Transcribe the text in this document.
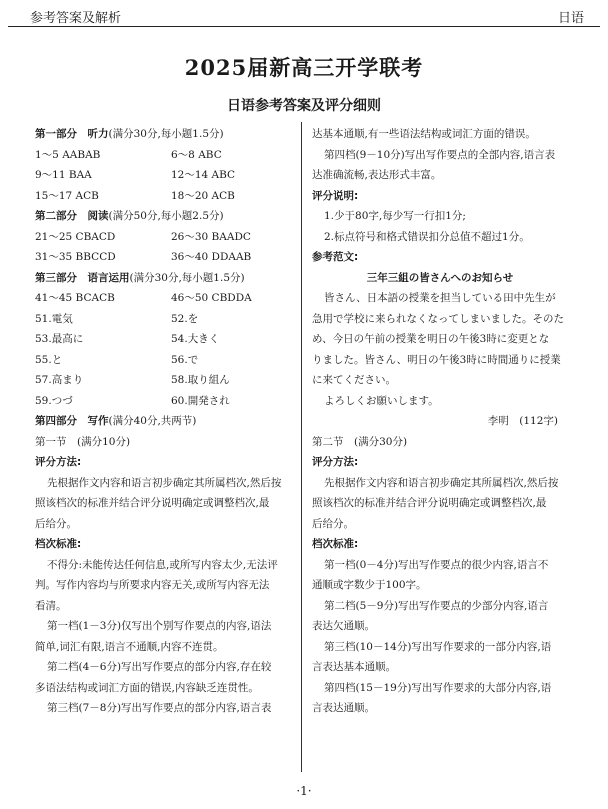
参考答案及解析	日语
2025届新高三开学联考
日语参考答案及评分细则
第一部分　听力(满分30分,每小题1.5分)
1～5 AABAB	6～8 ABC
9～11 BAA	12～14 ABC
15～17 ACB	18～20 ACB
第二部分　阅读(满分50分,每小题2.5分)
21～25 CBACD	26～30 BAADC
31～35 BBCCD	36～40 DDAAB
第三部分　语言运用(满分30分,每小题1.5分)
41～45 BCACB	46～50 CBDDA
51.電気	52.を
53.最高に	54.大きく
55.と	56.で
57.高まり	58.取り組ん
59.つづ	60.開発され
第四部分　写作(满分40分,共两节)
第一节　(满分10分)
评分方法:
先根据作文内容和语言初步确定其所属档次,然后按
照该档次的标准并结合评分说明确定或调整档次,最
后给分。
档次标准:
不得分:未能传达任何信息,或所写内容太少,无法评
判。写作内容均与所要求内容无关,或所写内容无法
看清。
第一档(1－3分)仅写出个别写作要点的内容,语法
简单,词汇有限,语言不通顺,内容不连贯。
第二档(4－6分)写出写作要点的部分内容,存在较
多语法结构或词汇方面的错误,内容缺乏连贯性。
第三档(7－8分)写出写作要点的部分内容,语言表
达基本通顺,有一些语法结构或词汇方面的错误。
第四档(9－10分)写出写作要点的全部内容,语言表
达准确流畅,表达形式丰富。
评分说明:
1.少于80字,每少写一行扣1分;
2.标点符号和格式错误扣分总值不超过1分。
参考范文:
三年三組の皆さんへのお知らせ
皆さん、日本語の授業を担当している田中先生が
急用で学校に来られなくなってしまいました。そのた
め、今日の午前の授業を明日の午後3時に変更とな
りました。皆さん、明日の午後3時に時間通りに授業
に来てください。
よろしくお願いします。
李明　(112字)
第二节　(满分30分)
评分方法:
先根据作文内容和语言初步确定其所属档次,然后按
照该档次的标准并结合评分说明确定或调整档次,最
后给分。
档次标准:
第一档(0－4分)写出写作要点的很少内容,语言不
通顺或字数少于100字。
第二档(5－9分)写出写作要点的少部分内容,语言
表达欠通顺。
第三档(10－14分)写出写作要求的一部分内容,语
言表达基本通顺。
第四档(15－19分)写出写作要求的大部分内容,语
言表达通顺。
·1·
